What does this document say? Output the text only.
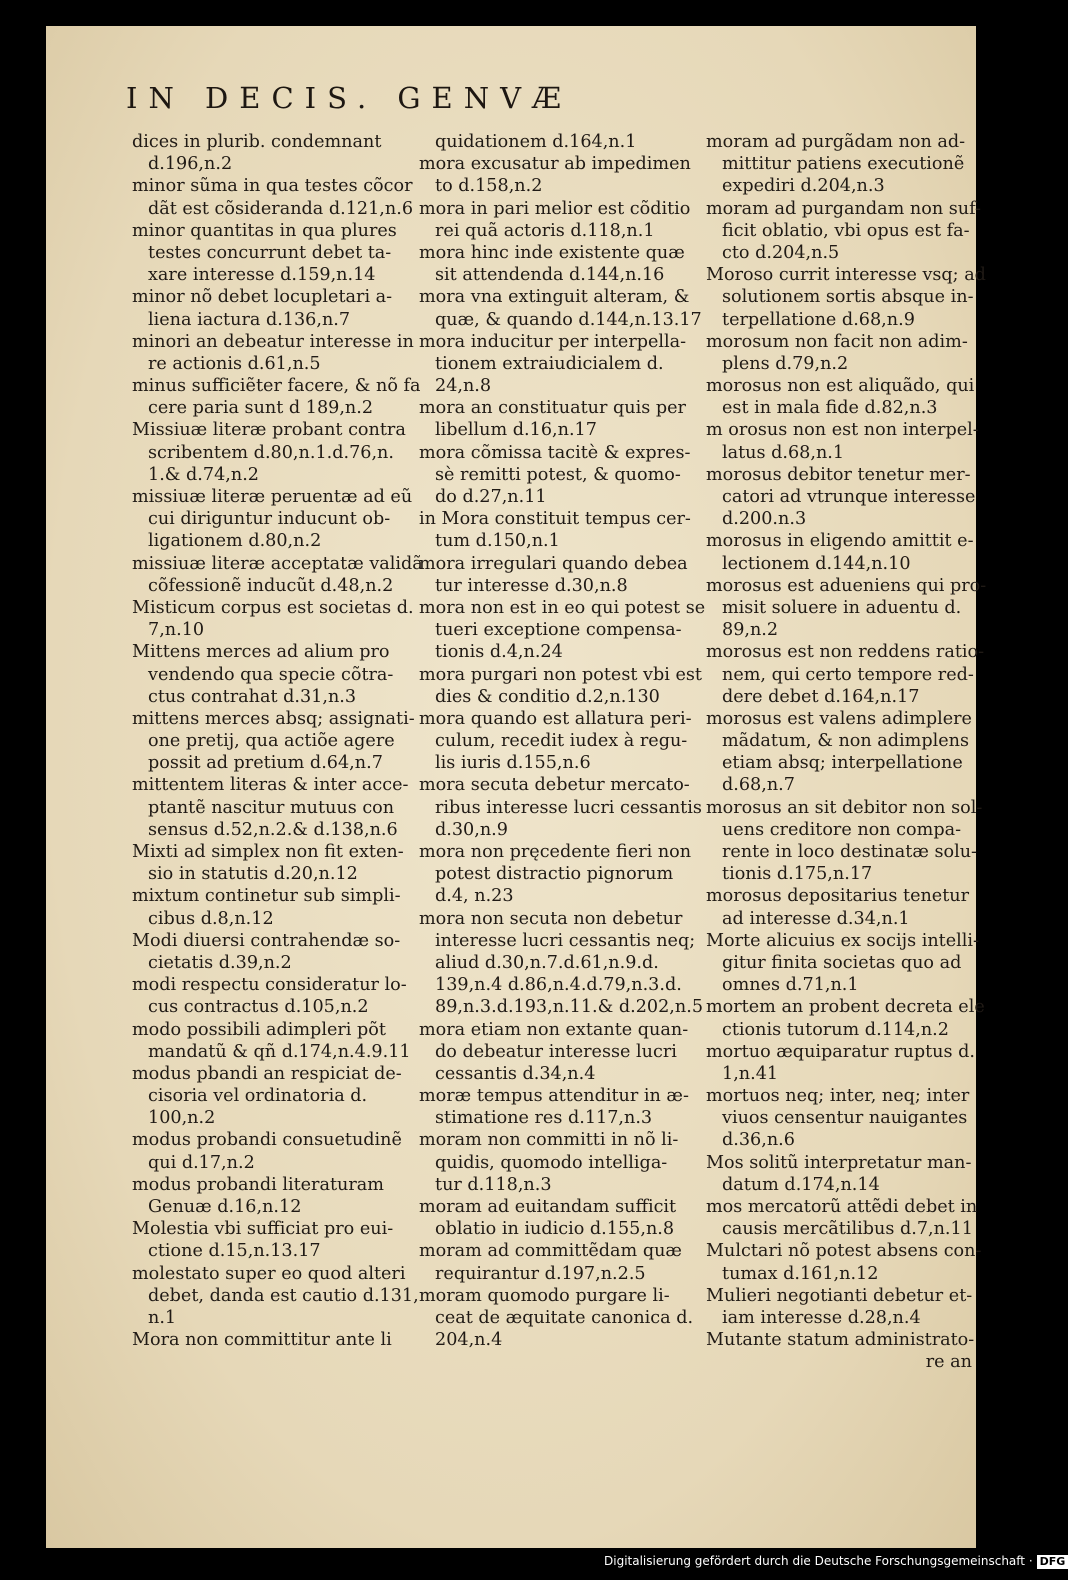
IN DECIS. GENVÆ
dices in plurib. condemnant
d.196,n.2
minor sũma in qua testes cõcor
dãt est cõsideranda d.121,n.6
minor quantitas in qua plures
testes concurrunt debet ta-
xare interesse d.159,n.14
minor nõ debet locupletari a-
liena iactura d.136,n.7
minori an debeatur interesse in
re actionis d.61,n.5
minus sufficiẽter facere, & nõ fa
cere paria sunt d 189,n.2
Missiuæ literæ probant contra
scribentem d.80,n.1.d.76,n.
1.& d.74,n.2
missiuæ literæ peruentæ ad eũ
cui diriguntur inducunt ob-
ligationem d.80,n.2
missiuæ literæ acceptatæ validã
cõfessionẽ inducũt d.48,n.2
Misticum corpus est societas d.
7,n.10
Mittens merces ad alium pro
vendendo qua specie cõtra-
ctus contrahat d.31,n.3
mittens merces absq; assignati-
one pretij, qua actiõe agere
possit ad pretium d.64,n.7
mittentem literas & inter acce-
ptantẽ nascitur mutuus con
sensus d.52,n.2.& d.138,n.6
Mixti ad simplex non fit exten-
sio in statutis d.20,n.12
mixtum continetur sub simpli-
cibus d.8,n.12
Modi diuersi contrahendæ so-
cietatis d.39,n.2
modi respectu consideratur lo-
cus contractus d.105,n.2
modo possibili adimpleri põt
mandatũ & qñ d.174,n.4.9.11
modus pbandi an respiciat de-
cisoria vel ordinatoria d.
100,n.2
modus probandi consuetudinẽ
qui d.17,n.2
modus probandi literaturam
Genuæ d.16,n.12
Molestia vbi sufficiat pro eui-
ctione d.15,n.13.17
molestato super eo quod alteri
debet, danda est cautio d.131,
n.1
Mora non committitur ante li
quidationem d.164,n.1
mora excusatur ab impedimen
to d.158,n.2
mora in pari melior est cõditio
rei quã actoris d.118,n.1
mora hinc inde existente quæ
sit attendenda d.144,n.16
mora vna extinguit alteram, &
quæ, & quando d.144,n.13.17
mora inducitur per interpella-
tionem extraiudicialem d.
24,n.8
mora an constituatur quis per
libellum d.16,n.17
mora cõmissa tacitè & expres-
sè remitti potest, & quomo-
do d.27,n.11
in Mora constituit tempus cer-
tum d.150,n.1
mora irregulari quando debea
tur interesse d.30,n.8
mora non est in eo qui potest se
tueri exceptione compensa-
tionis d.4,n.24
mora purgari non potest vbi est
dies & conditio d.2,n.130
mora quando est allatura peri-
culum, recedit iudex à regu-
lis iuris d.155,n.6
mora secuta debetur mercato-
ribus interesse lucri cessantis
d.30,n.9
mora non pręcedente fieri non
potest distractio pignorum
d.4, n.23
mora non secuta non debetur
interesse lucri cessantis neq;
aliud d.30,n.7.d.61,n.9.d.
139,n.4 d.86,n.4.d.79,n.3.d.
89,n.3.d.193,n.11.& d.202,n.5
mora etiam non extante quan-
do debeatur interesse lucri
cessantis d.34,n.4
moræ tempus attenditur in æ-
stimatione res d.117,n.3
moram non committi in nõ li-
quidis, quomodo intelliga-
tur d.118,n.3
moram ad euitandam sufficit
oblatio in iudicio d.155,n.8
moram ad committẽdam quæ
requirantur d.197,n.2.5
moram quomodo purgare li-
ceat de æquitate canonica d.
204,n.4
moram ad purgãdam non ad-
mittitur patiens executionẽ
expediri d.204,n.3
moram ad purgandam non suf-
ficit oblatio, vbi opus est fa-
cto d.204,n.5
Moroso currit interesse vsq; ad
solutionem sortis absque in-
terpellatione d.68,n.9
morosum non facit non adim-
plens d.79,n.2
morosus non est aliquãdo, qui
est in mala fide d.82,n.3
m orosus non est non interpel-
latus d.68,n.1
morosus debitor tenetur mer-
catori ad vtrunque interesse
d.200.n.3
morosus in eligendo amittit e-
lectionem d.144,n.10
morosus est adueniens qui pro-
misit soluere in aduentu d.
89,n.2
morosus est non reddens ratio-
nem, qui certo tempore red-
dere debet d.164,n.17
morosus est valens adimplere
mãdatum, & non adimplens
etiam absq; interpellatione
d.68,n.7
morosus an sit debitor non sol-
uens creditore non compa-
rente in loco destinatæ solu-
tionis d.175,n.17
morosus depositarius tenetur
ad interesse d.34,n.1
Morte alicuius ex socijs intelli-
gitur finita societas quo ad
omnes d.71,n.1
mortem an probent decreta ele
ctionis tutorum d.114,n.2
mortuo æquiparatur ruptus d.
1,n.41
mortuos neq; inter, neq; inter
viuos censentur nauigantes
d.36,n.6
Mos solitũ interpretatur man-
datum d.174,n.14
mos mercatorũ attẽdi debet in
causis mercãtilibus d.7,n.11
Mulctari nõ potest absens con-
tumax d.161,n.12
Mulieri negotianti debetur et-
iam interesse d.28,n.4
Mutante statum administrato-
re an
Digitalisierung gefördert durch die Deutsche Forschungsgemeinschaft · DFG
